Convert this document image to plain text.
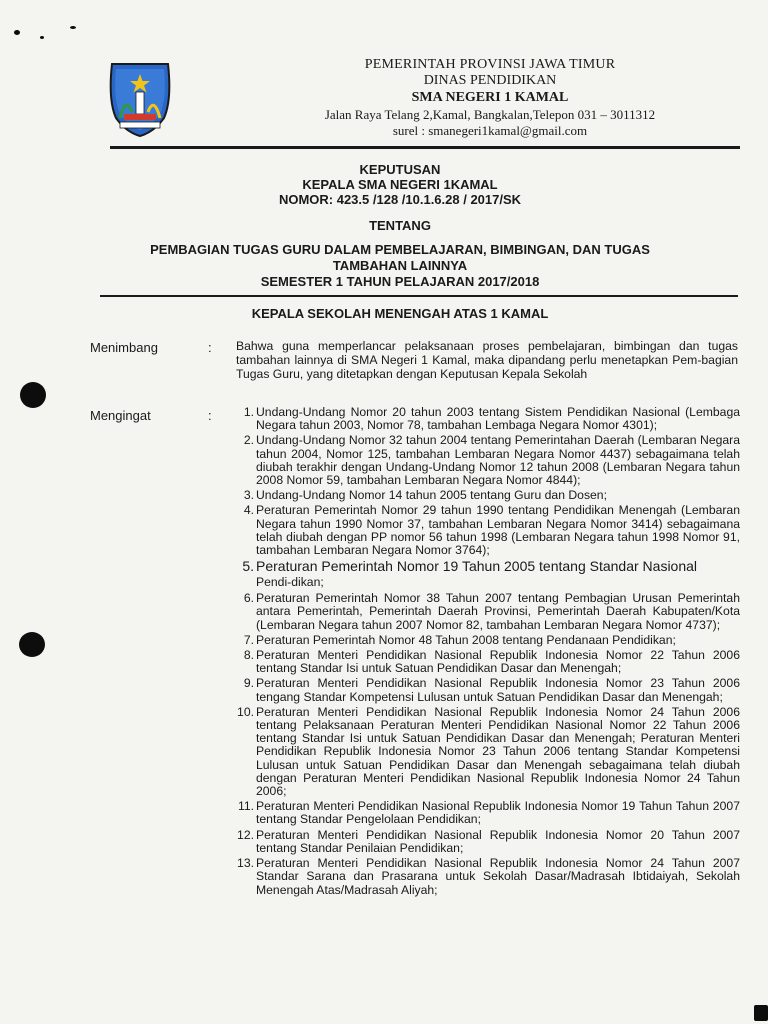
PEMERINTAH PROVINSI JAWA TIMUR
DINAS PENDIDIKAN
SMA NEGERI 1 KAMAL
Jalan Raya Telang 2,Kamal, Bangkalan,Telepon 031 – 3011312
surel : smanegeri1kamal@gmail.com
KEPUTUSAN
KEPALA SMA NEGERI 1KAMAL
NOMOR: 423.5 /128 /10.1.6.28 / 2017/SK
TENTANG
PEMBAGIAN TUGAS GURU DALAM PEMBELAJARAN, BIMBINGAN, DAN TUGAS
TAMBAHAN LAINNYA
SEMESTER 1 TAHUN PELAJARAN 2017/2018
KEPALA SEKOLAH MENENGAH ATAS 1 KAMAL
Menimbang	: Bahwa guna memperlancar pelaksanaan proses pembelajaran, bimbingan dan tugas tambahan lainnya di SMA Negeri 1 Kamal, maka dipandang perlu menetapkan Pem-bagian Tugas Guru, yang ditetapkan dengan Keputusan Kepala Sekolah
Mengingat	:	1. Undang-Undang Nomor 20 tahun 2003 tentang Sistem Pendidikan Nasional (Lembaga Negara tahun 2003, Nomor 78, tambahan Lembaga Negara Nomor 4301);
2. Undang-Undang Nomor 32 tahun 2004 tentang Pemerintahan Daerah (Lembaran Negara tahun 2004, Nomor 125, tambahan Lembaran Negara Nomor 4437) sebagaimana telah diubah terakhir dengan Undang-Undang Nomor 12 tahun 2008 (Lembaran Negara tahun 2008 Nomor 59, tambahan Lembaran Negara Nomor 4844);
3. Undang-Undang Nomor 14 tahun 2005 tentang Guru dan Dosen;
4. Peraturan Pemerintah Nomor 29 tahun 1990 tentang Pendidikan Menengah (Lembaran Negara tahun 1990 Nomor 37, tambahan Lembaran Negara Nomor 3414) sebagaimana telah diubah dengan PP nomor 56 tahun 1998 (Lembaran Negara tahun 1998 Nomor 91, tambahan Lembaran Negara Nomor 3764);
5. Peraturan Pemerintah Nomor 19 Tahun 2005 tentang Standar Nasional
Pendi-dikan;
6. Peraturan Pemerintah Nomor 38 Tahun 2007 tentang Pembagian Urusan Pemerintah antara Pemerintah, Pemerintah Daerah Provinsi, Pemerintah Daerah Kabupaten/Kota (Lembaran Negara tahun 2007 Nomor 82, tambahan Lembaran Negara Nomor 4737);
7. Peraturan Pemerintah Nomor 48 Tahun 2008 tentang Pendanaan Pendidikan;
8. Peraturan Menteri Pendidikan Nasional Republik Indonesia Nomor 22 Tahun 2006 tentang Standar Isi untuk Satuan Pendidikan Dasar dan Menengah;
9. Peraturan Menteri Pendidikan Nasional Republik Indonesia Nomor 23 Tahun 2006 tengang Standar Kompetensi Lulusan untuk Satuan Pendidikan Dasar dan Menengah;
10. Peraturan Menteri Pendidikan Nasional Republik Indonesia Nomor 24 Tahun 2006 tentang Pelaksanaan Peraturan Menteri Pendidikan Nasional Nomor 22 Tahun 2006 tentang Standar Isi untuk Satuan Pendidikan Dasar dan Menengah; Peraturan Menteri Pendidikan Republik Indonesia Nomor 23 Tahun 2006 tentang Standar Kompetensi Lulusan untuk Satuan Pendidikan Dasar dan Menengah sebagaimana telah diubah dengan Peraturan Menteri Pendidikan Nasional Republik Indonesia Nomor 24 Tahun 2006;
11. Peraturan Menteri Pendidikan Nasional Republik Indonesia Nomor 19 Tahun Tahun 2007 tentang Standar Pengelolaan Pendidikan;
12. Peraturan Menteri Pendidikan Nasional Republik Indonesia Nomor 20 Tahun 2007 tentang Standar Penilaian Pendidikan;
13. Peraturan Menteri Pendidikan Nasional Republik Indonesia Nomor 24 Tahun 2007 Standar Sarana dan Prasarana untuk Sekolah Dasar/Madrasah Ibtidaiyah, Sekolah Menengah Atas/Madrasah Aliyah;
